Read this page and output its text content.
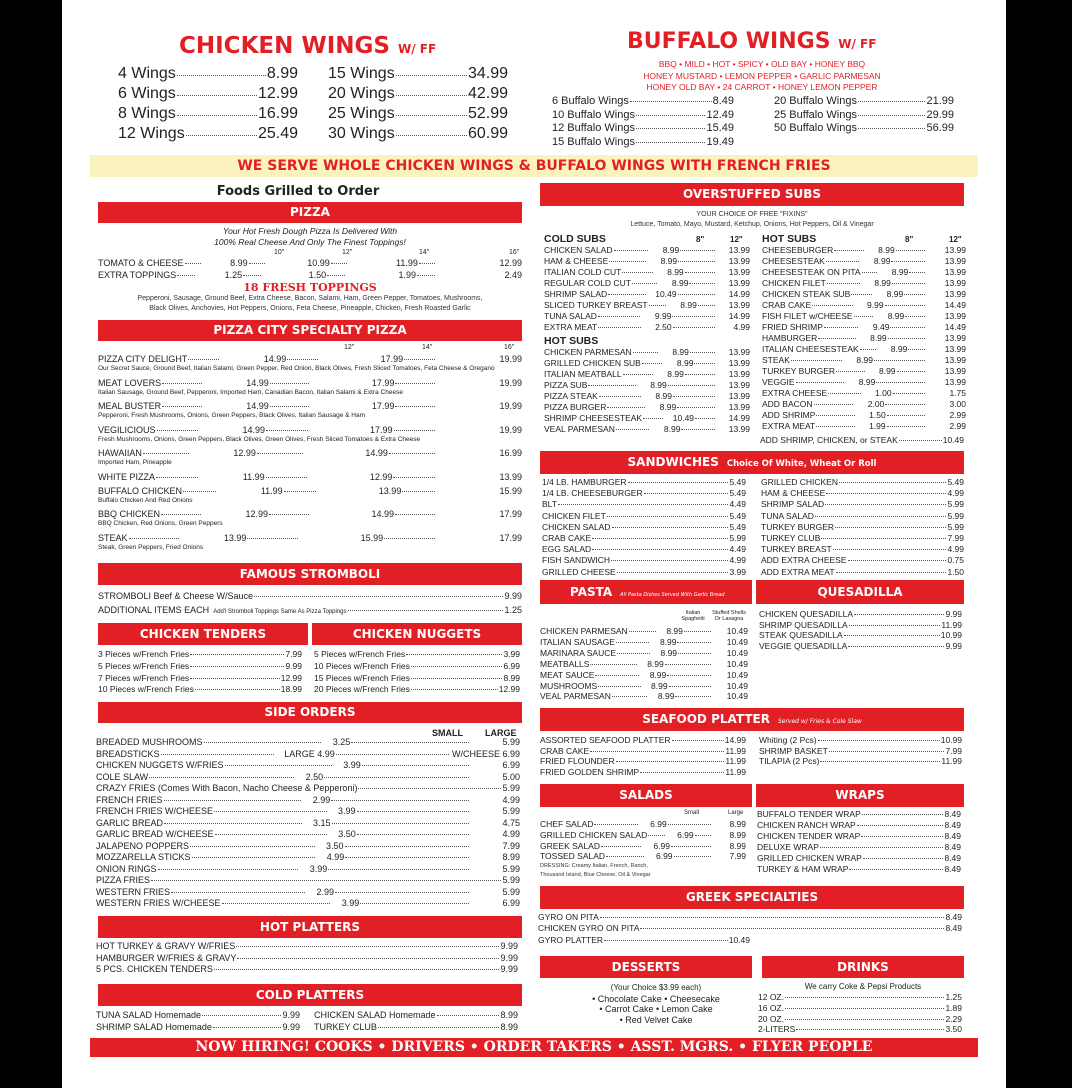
CHICKEN WINGS W/ FF	BUFFALO WINGS W/ FF
BBQ • MILD • HOT • SPICY • OLD BAY • HONEY BBQ
HONEY MUSTARD • LEMON PEPPER • GARLIC PARMESAN
HONEY OLD BAY • 24 CARROT • HONEY LEMON PEPPER
WE SERVE WHOLE CHICKEN WINGS & BUFFALO WINGS WITH FRENCH FRIES
Foods Grilled to Order
PIZZA
Your Hot Fresh Dough Pizza Is Delivered With
100% Real Cheese And Only The Finest Toppings!
18 FRESH TOPPINGS
Pepperoni, Sausage, Ground Beef, Extra Cheese, Bacon, Salami, Ham, Green Pepper, Tomatoes, Mushrooms,
Black Olives, Anchovies, Hot Peppers, Onions, Feta Cheese, Pineapple, Chicken, Fresh Roasted Garlic
PIZZA CITY SPECIALTY PIZZA
FAMOUS STROMBOLI
CHICKEN TENDERS	CHICKEN NUGGETS
SIDE ORDERS
SMALL LARGE
HOT PLATTERS
COLD PLATTERS
OVERSTUFFED SUBS
YOUR CHOICE OF FREE "FIXINS"
Lettuce, Tomato, Mayo, Mustard, Ketchup, Onions, Hot Peppers, Oil & Vinegar
COLD SUBS
HOT SUBS
HOT SUBS
8"	12"	8"	12"
SANDWICHES Choice Of White, Wheat Or Roll
PASTA All Pasta Dishes Served With Garlic Bread
Italian Spaghetti
Stuffed Shells Or Lasagna
QUESADILLA
SEAFOOD PLATTER Served w/ Fries & Cole Slaw
SALADS	WRAPS
Small	Large
DRESSING: Creamy Italian, French, Ranch,
Thousand Island, Blue Cheese, Oil & Vinegar
GREEK SPECIALTIES
DESSERTS	DRINKS
(Your Choice $3.99 each)
• Chocolate Cake • Cheesecake
• Carrot Cake • Lemon Cake
• Red Velvet Cake
We carry Coke & Pepsi Products
NOW HIRING! COOKS • DRIVERS • ORDER TAKERS • ASST. MGRS. • FLYER PEOPLE
4 Wings	8.99
6 Wings	12.99
8 Wings	16.99
12 Wings	25.49
15 Wings	34.99
20 Wings	42.99
25 Wings	52.99
30 Wings	60.99
6 Buffalo Wings	8.49
10 Buffalo Wings	12.49
12 Buffalo Wings	15.49
15 Buffalo Wings	19.49
20 Buffalo Wings	21.99
25 Buffalo Wings	29.99
50 Buffalo Wings	56.99
10"	12"	14"	16"
TOMATO & CHEESE	8.99	10.99	11.99	12.99
EXTRA TOPPINGS	1.25	1.50	1.99	2.49
12"	14"	16"
PIZZA CITY DELIGHT	14.99	17.99	19.99
Our Secret Sauce, Ground Beef, Italian Salami, Green Pepper, Red Onion, Black Olives, Fresh Sliced Tomatoes, Feta Cheese & Oregano
MEAT LOVERS	14.99	17.99	19.99
Italian Sausage, Ground Beef, Pepperoni, Imported Ham, Canadian Bacon, Italian Salami & Extra Cheese
MEAL BUSTER	14.99	17.99	19.99
Pepperoni, Fresh Mushrooms, Onions, Green Peppers, Black Olives, Italian Sausage & Ham
VEGILICIOUS	14.99	17.99	19.99
Fresh Mushrooms, Onions, Green Peppers, Black Olives, Green Olives, Fresh Sliced Tomatoes & Extra Cheese
HAWAIIAN	12.99	14.99	16.99
Imported Ham, Pineapple
WHITE PIZZA	11.99	12.99	13.99
BUFFALO CHICKEN	11.99	13.99	15.99
Buffalo Chicken And Red Onions
BBQ CHICKEN	12.99	14.99	17.99
BBQ Chicken, Red Onions, Green Peppers
STEAK	13.99	15.99	17.99
Steak, Green Peppers, Fried Onions
STROMBOLI Beef & Cheese W/Sauce	9.99
ADDITIONAL ITEMS EACH Add'l Stromboli Toppings Same As Pizza Toppings	1.25
3 Pieces w/French Fries	7.99
5 Pieces w/French Fries	9.99
7 Pieces w/French Fries	12.99
10 Pieces w/French Fries	18.99
5 Pieces w/French Fries	3.99
10 Pieces w/French Fries	6.99
15 Pieces w/French Fries	8.99
20 Pieces w/French Fries	12.99
BREADED MUSHROOMS	3.25	5.99
BREADSTICKS	LARGE 4.99	W/CHEESE 6.99
CHICKEN NUGGETS W/FRIES	3.99	6.99
COLE SLAW	2.50	5.00
CRAZY FRIES (Comes With Bacon, Nacho Cheese & Pepperoni)	5.99
FRENCH FRIES	2.99	4.99
FRENCH FRIES W/CHEESE	3.99	5.99
GARLIC BREAD	3.15	4.75
GARLIC BREAD W/CHEESE	3.50	4.99
JALAPENO POPPERS	3.50	7.99
MOZZARELLA STICKS	4.99	8.99
ONION RINGS	3.99	5.99
PIZZA FRIES	5.99
WESTERN FRIES	2.99	5.99
WESTERN FRIES W/CHEESE	3.99	6.99
HOT TURKEY & GRAVY W/FRIES	9.99
HAMBURGER W/FRIES & GRAVY	9.99
5 PCS. CHICKEN TENDERS	9.99
TUNA SALAD Homemade	9.99
SHRIMP SALAD Homemade	9.99
CHICKEN SALAD Homemade	8.99
TURKEY CLUB	8.99
CHICKEN SALAD	8.99	13.99
HAM & CHEESE	8.99	13.99
ITALIAN COLD CUT	8.99	13.99
REGULAR COLD CUT	8.99	13.99
SHRIMP SALAD	10.49	14.99
SLICED TURKEY BREAST	8.99	13.99
TUNA SALAD	9.99	14.99
EXTRA MEAT	2.50	4.99
CHICKEN PARMESAN	8.99	13.99
GRILLED CHICKEN SUB	8.99	13.99
ITALIAN MEATBALL	8.99	13.99
PIZZA SUB	8.99	13.99
PIZZA STEAK	8.99	13.99
PIZZA BURGER	8.99	13.99
SHRIMP CHEESESTEAK	10.49	14.99
VEAL PARMESAN	8.99	13.99
CHEESEBURGER	8.99	13.99
CHEESESTEAK	8.99	13.99
CHEESESTEAK ON PITA	8.99	13.99
CHICKEN FILET	8.99	13.99
CHICKEN STEAK SUB	8.99	13.99
CRAB CAKE	9.99	14.49
FISH FILET w/CHEESE	8.99	13.99
FRIED SHRIMP	9.49	14.49
HAMBURGER	8.99	13.99
ITALIAN CHEESESTEAK	8.99	13.99
STEAK	8.99	13.99
TURKEY BURGER	8.99	13.99
VEGGIE	8.99	13.99
EXTRA CHEESE	1.00	1.75
ADD BACON	2.00	3.00
ADD SHRIMP	1.50	2.99
EXTRA MEAT	1.99	2.99
ADD SHRIMP, CHICKEN, or STEAK	10.49
1/4 LB. HAMBURGER	5.49
1/4 LB. CHEESEBURGER	5.49
BLT	4.49
CHICKEN FILET	5.49
CHICKEN SALAD	5.49
CRAB CAKE	5.99
EGG SALAD	4.49
FISH SANDWICH	4.99
GRILLED CHEESE	3.99
GRILLED CHICKEN	5.49
HAM & CHEESE	4.99
SHRIMP SALAD	5.99
TUNA SALAD	5.99
TURKEY BURGER	5.99
TURKEY CLUB	7.99
TURKEY BREAST	4.99
ADD EXTRA CHEESE	0.75
ADD EXTRA MEAT	1.50
CHICKEN PARMESAN	8.99	10.49
ITALIAN SAUSAGE	8.99	10.49
MARINARA SAUCE	8.99	10.49
MEATBALLS	8.99	10.49
MEAT SAUCE	8.99	10.49
MUSHROOMS	8.99	10.49
VEAL PARMESAN	8.99	10.49
CHICKEN QUESADILLA	9.99
SHRIMP QUESADILLA	11.99
STEAK QUESADILLA	10.99
VEGGIE QUESADILLA	9.99
ASSORTED SEAFOOD PLATTER	14.99
CRAB CAKE	11.99
FRIED FLOUNDER	11.99
FRIED GOLDEN SHRIMP	11.99
Whiting (2 Pcs)	10.99
SHRIMP BASKET	7.99
TILAPIA (2 Pcs)	11.99
CHEF SALAD	6.99	8.99
GRILLED CHICKEN SALAD	6.99	8.99
GREEK SALAD	6.99	8.99
TOSSED SALAD	6.99	7.99
BUFFALO TENDER WRAP	8.49
CHICKEN RANCH WRAP	8.49
CHICKEN TENDER WRAP	8.49
DELUXE WRAP	8.49
GRILLED CHICKEN WRAP	8.49
TURKEY & HAM WRAP	8.49
GYRO ON PITA	8.49
CHICKEN GYRO ON PITA	8.49
GYRO PLATTER	10.49
12 OZ.	1.25
16 OZ.	1.89
20 OZ.	2.29
2-LITERS	3.50
